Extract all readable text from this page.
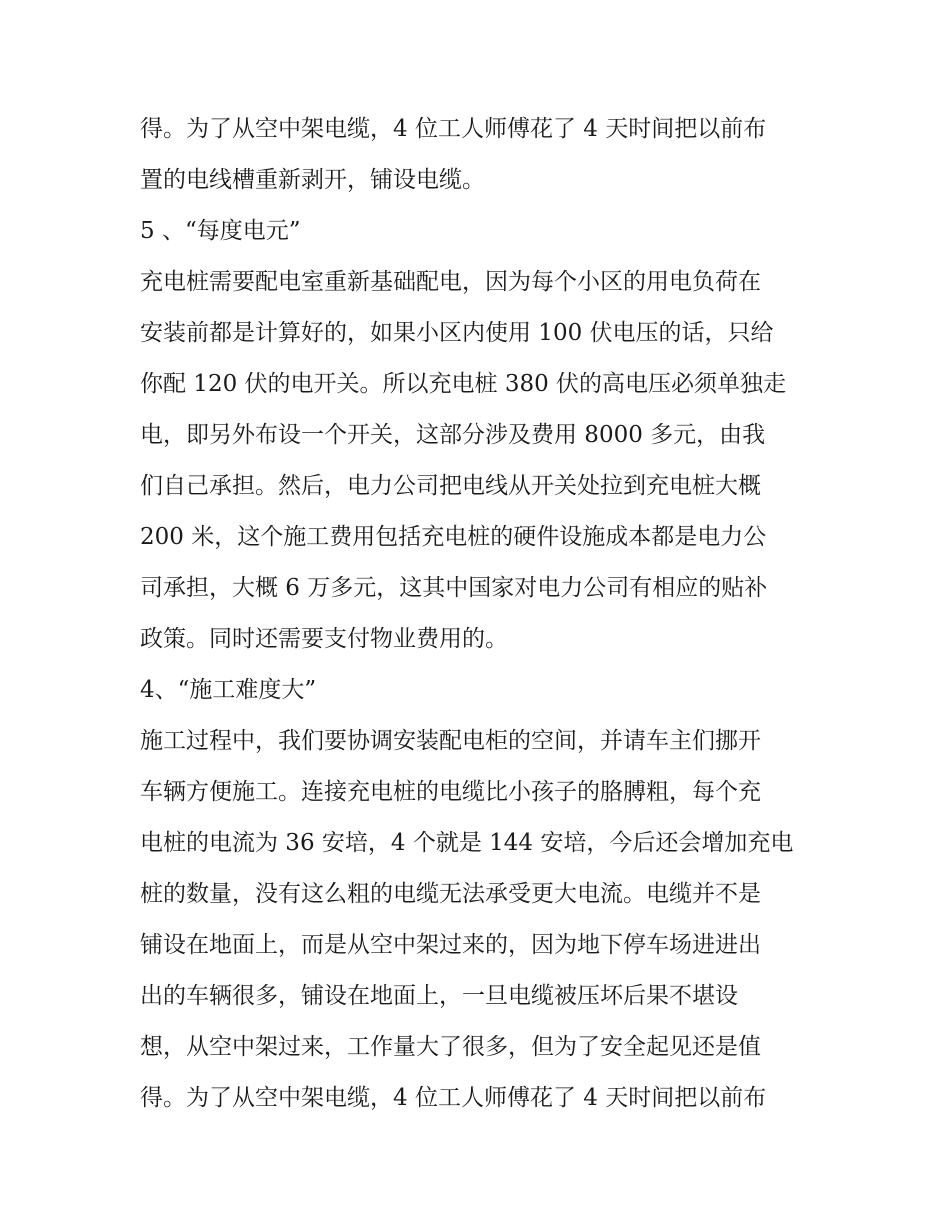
得。为了从空中架电缆，4 位工人师傅花了 4 天时间把以前布
置的电线槽重新剥开，铺设电缆。
5 、“每度电元”
充电桩需要配电室重新基础配电，因为每个小区的用电负荷在
安装前都是计算好的，如果小区内使用 100 伏电压的话，只给
你配 120 伏的电开关。所以充电桩 380 伏的高电压必须单独走
电，即另外布设一个开关，这部分涉及费用 8000 多元，由我
们自己承担。然后，电力公司把电线从开关处拉到充电桩大概
200 米，这个施工费用包括充电桩的硬件设施成本都是电力公
司承担，大概 6 万多元，这其中国家对电力公司有相应的贴补
政策。同时还需要支付物业费用的。
4、“施工难度大”
施工过程中，我们要协调安装配电柜的空间，并请车主们挪开
车辆方便施工。连接充电桩的电缆比小孩子的胳膊粗，每个充
电桩的电流为 36 安培，4 个就是 144 安培，今后还会增加充电
桩的数量，没有这么粗的电缆无法承受更大电流。电缆并不是
铺设在地面上，而是从空中架过来的，因为地下停车场进进出
出的车辆很多，铺设在地面上，一旦电缆被压坏后果不堪设
想，从空中架过来，工作量大了很多，但为了安全起见还是值
得。为了从空中架电缆，4 位工人师傅花了 4 天时间把以前布
